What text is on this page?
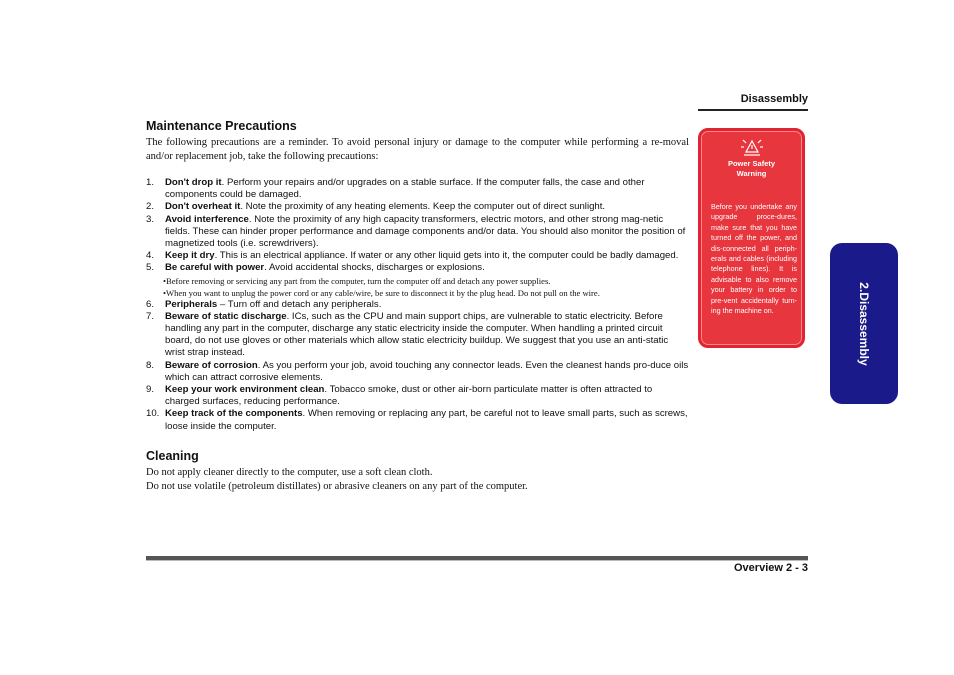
Disassembly
Maintenance Precautions

The following precautions are a reminder. To avoid personal injury or damage to the computer while performing a re-moval and/or replacement job, take the following precautions:

1. Don't drop it. Perform your repairs and/or upgrades on a stable surface. If the computer falls, the case and other components could be damaged.
2. Don't overheat it. Note the proximity of any heating elements. Keep the computer out of direct sunlight.
3. Avoid interference. Note the proximity of any high capacity transformers, electric motors, and other strong mag-netic fields. These can hinder proper performance and damage components and/or data. You should also monitor the position of magnetized tools (i.e. screwdrivers).
4. Keep it dry. This is an electrical appliance. If water or any other liquid gets into it, the computer could be badly damaged.
5. Be careful with power. Avoid accidental shocks, discharges or explosions.
•Before removing or servicing any part from the computer, turn the computer off and detach any power supplies.
•When you want to unplug the power cord or any cable/wire, be sure to disconnect it by the plug head. Do not pull on the wire.
6. Peripherals – Turn off and detach any peripherals.
7. Beware of static discharge. ICs, such as the CPU and main support chips, are vulnerable to static electricity. Before handling any part in the computer, discharge any static electricity inside the computer. When handling a printed circuit board, do not use gloves or other materials which allow static electricity buildup. We suggest that you use an anti-static wrist strap instead.
8. Beware of corrosion. As you perform your job, avoid touching any connector leads. Even the cleanest hands pro-duce oils which can attract corrosive elements.
9. Keep your work environment clean. Tobacco smoke, dust or other air-born particulate matter is often attracted to charged surfaces, reducing performance.
10. Keep track of the components. When removing or replacing any part, be careful not to leave small parts, such as screws, loose inside the computer.
Cleaning

Do not apply cleaner directly to the computer, use a soft clean cloth.

Do not use volatile (petroleum distillates) or abrasive cleaners on any part of the computer.

Power Safety
Warning
Before you undertake any upgrade proce-dures, make sure that you have turned off the power, and dis-connected all periph-erals and cables (including telephone lines). It is advisable to also remove your battery in order to pre-vent accidentally turn-ing the machine on.	2.Disassembly
Overview 2 - 3
